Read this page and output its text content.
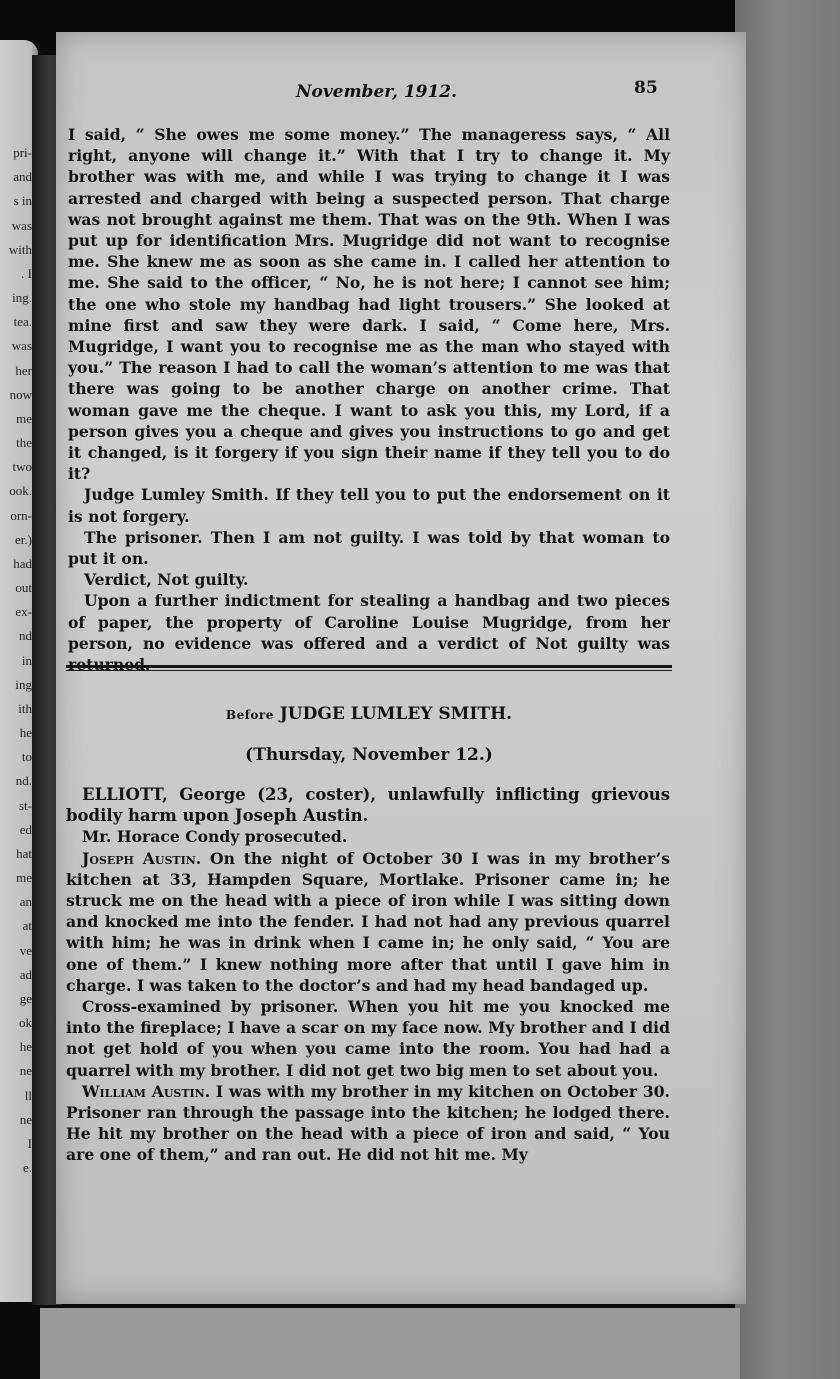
pri-
and
s in
was
with
. I
ing.
tea.
was
her
now
me
the
two
ook.
orn-
er.)
had
out
ex-
nd
in
ing
ith
he
to
nd.
st-
ed
hat
me
an
at
ve
ad
ge
ok
he
ne
ll
ne
I
e.
November, 1912.	85

I said, “ She owes me some money.” The manageress says, “ All right, anyone will change it.” With that I try to change it. My brother was with me, and while I was trying to change it I was arrested and charged with being a suspected person. That charge was not brought against me them. That was on the 9th. When I was put up for identification Mrs. Mugridge did not want to recognise me. She knew me as soon as she came in. I called her attention to me. She said to the officer, “ No, he is not here; I cannot see him; the one who stole my handbag had light trousers.” She looked at mine first and saw they were dark. I said, “ Come here, Mrs. Mugridge, I want you to recognise me as the man who stayed with you.” The reason I had to call the woman’s attention to me was that there was going to be another charge on another crime. That woman gave me the cheque. I want to ask you this, my Lord, if a person gives you a cheque and gives you instructions to go and get it changed, is it forgery if you sign their name if they tell you to do it?

Judge Lumley Smith. If they tell you to put the endorsement on it is not forgery.

The prisoner. Then I am not guilty. I was told by that woman to put it on.

Verdict, Not guilty.

Upon a further indictment for stealing a handbag and two pieces of paper, the property of Caroline Louise Mugridge, from her person, no evidence was offered and a verdict of Not guilty was returned.

Before JUDGE LUMLEY SMITH.
(Thursday, November 12.)

ELLIOTT, George (23, coster), unlawfully inflicting grievous bodily harm upon Joseph Austin.

Mr. Horace Condy prosecuted.

Joseph Austin. On the night of October 30 I was in my brother’s kitchen at 33, Hampden Square, Mortlake. Prisoner came in; he struck me on the head with a piece of iron while I was sitting down and knocked me into the fender. I had not had any previous quarrel with him; he was in drink when I came in; he only said, “ You are one of them.” I knew nothing more after that until I gave him in charge. I was taken to the doctor’s and had my head bandaged up.

Cross-examined by prisoner. When you hit me you knocked me into the fireplace; I have a scar on my face now. My brother and I did not get hold of you when you came into the room. You had had a quarrel with my brother. I did not get two big men to set about you.

William Austin. I was with my brother in my kitchen on October 30. Prisoner ran through the passage into the kitchen; he lodged there. He hit my brother on the head with a piece of iron and said, “ You are one of them,” and ran out. He did not hit me. My
